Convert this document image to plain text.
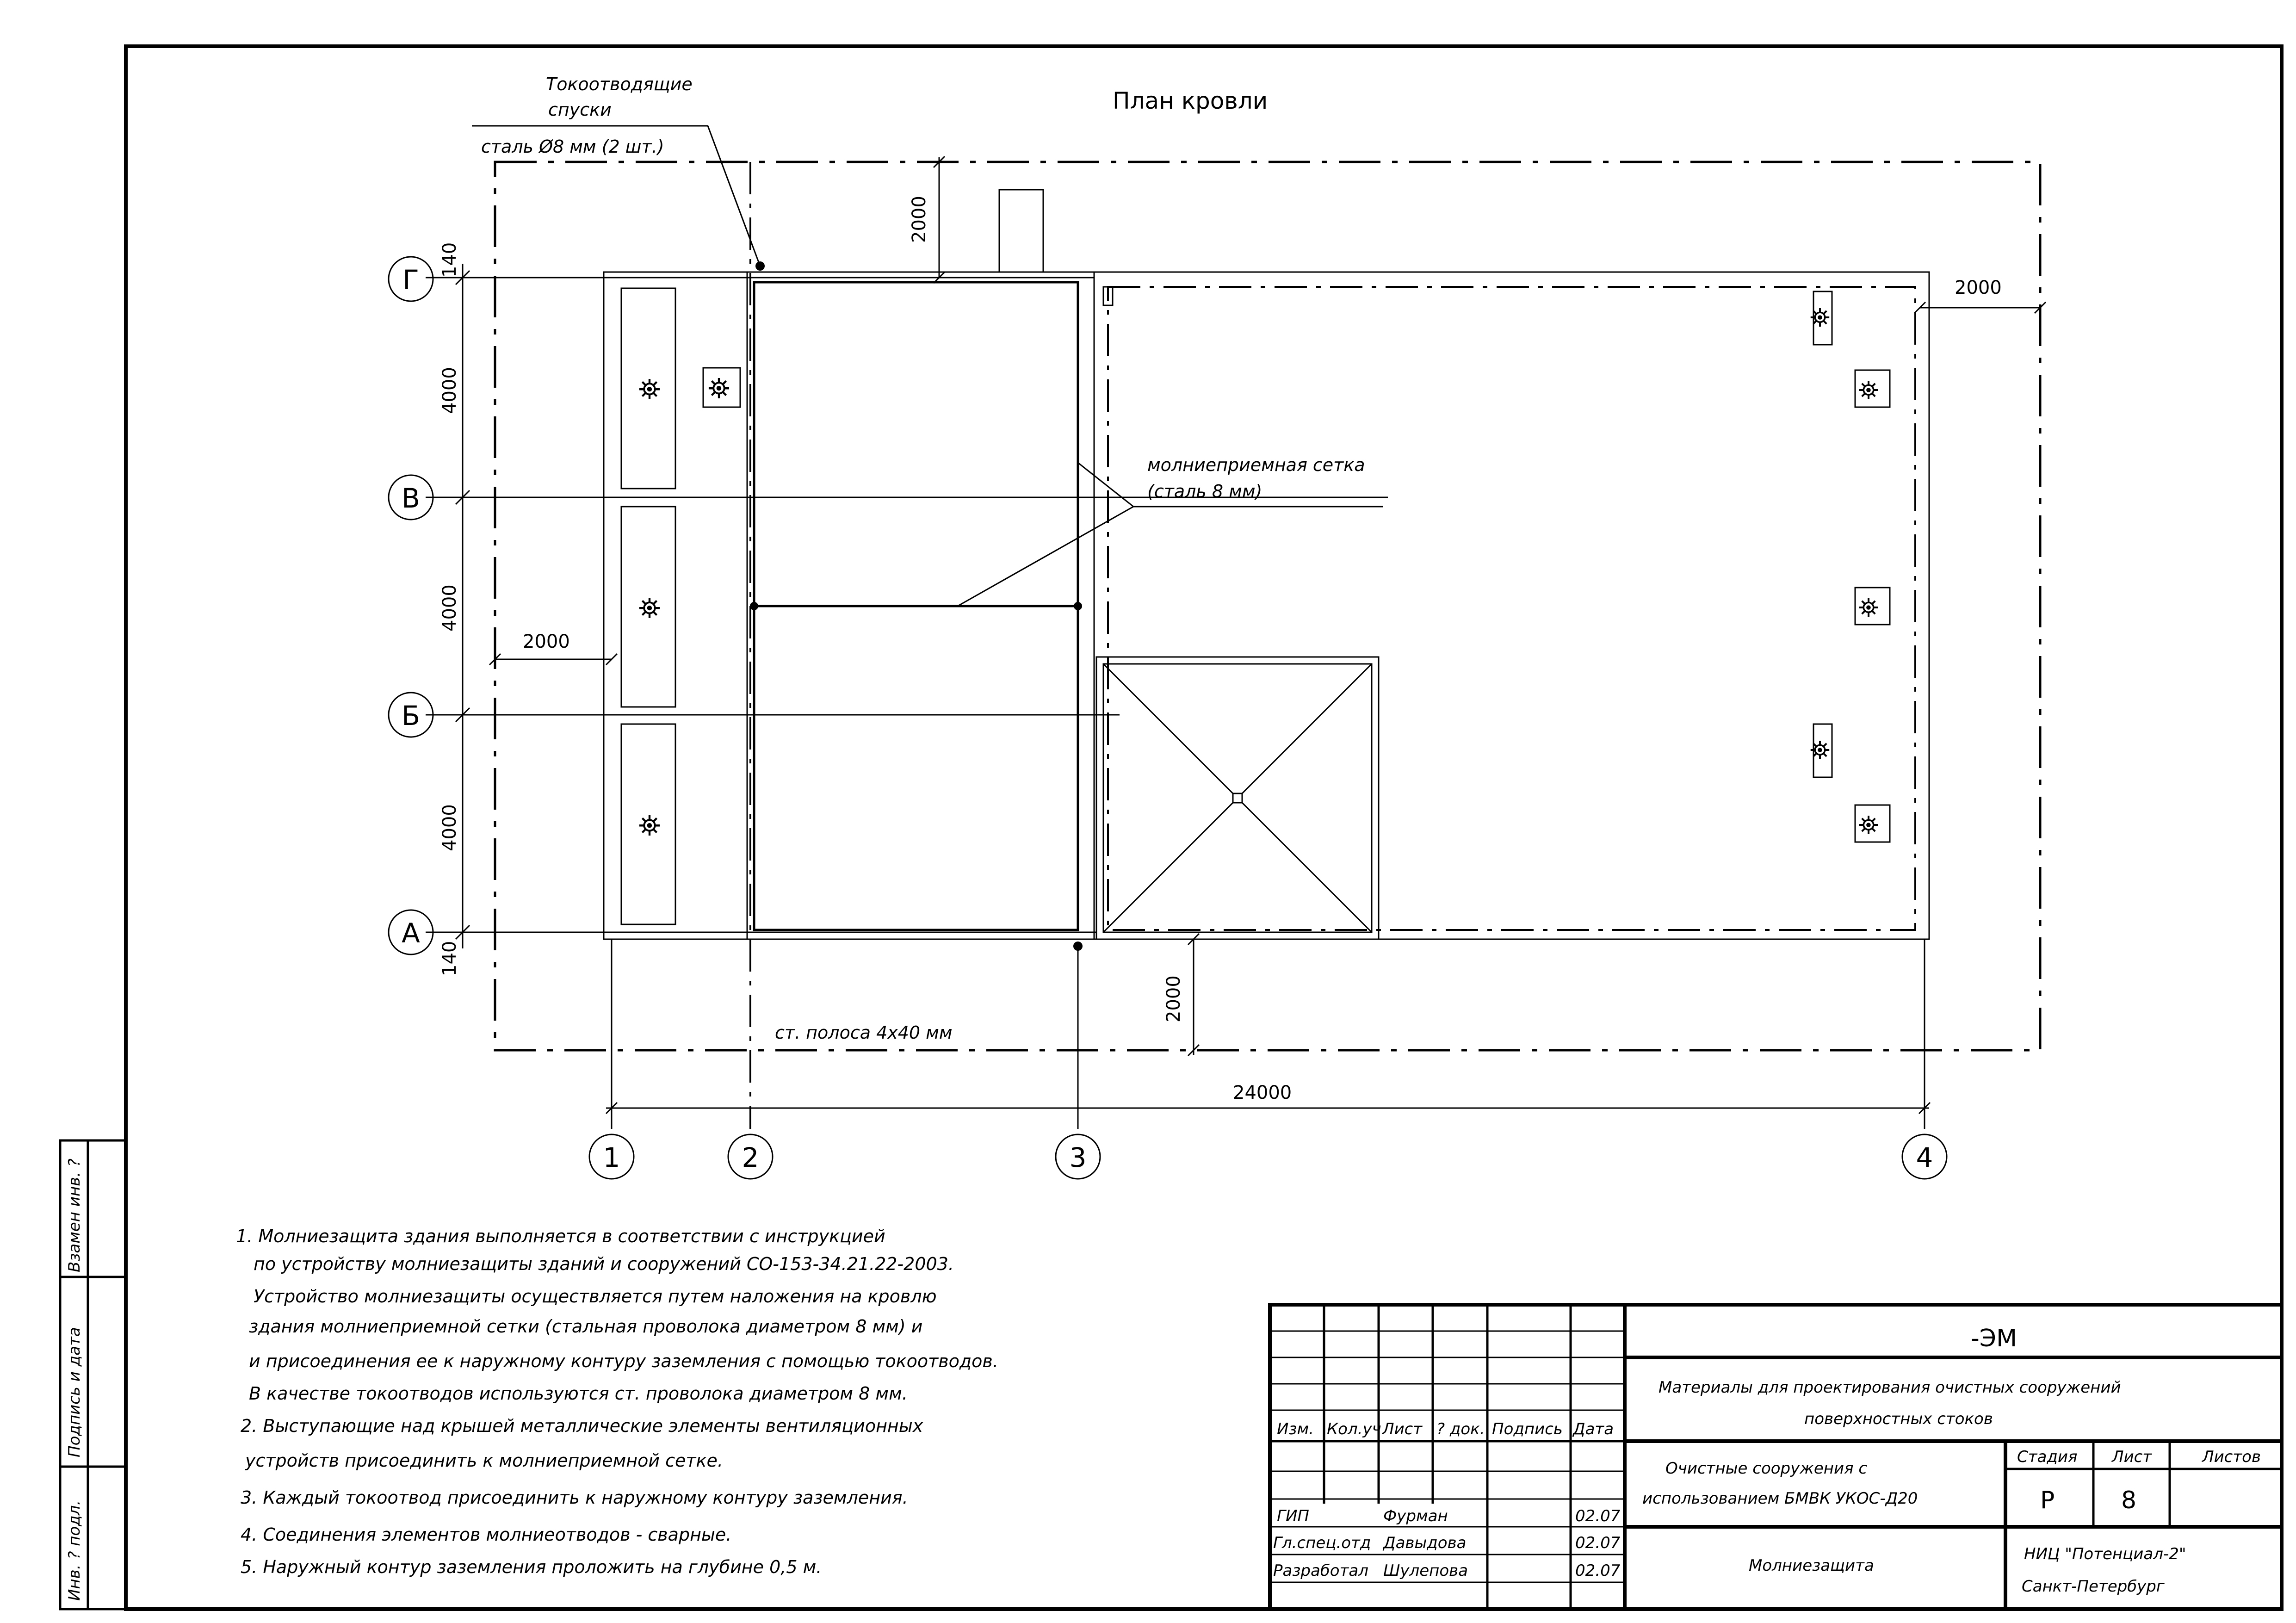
Взамен инв. ?
Подпись и дата
Инв. ? подл.
План кровли
⛯
⛯
⛯
⛯
⛯
⛯
⛯
⛯
⛯
Г
В
Б
А
1	2	3	4
140
4000
4000
4000
140
2000
2000
2000
2000
24000
Токоотводящие
спуски
сталь Ø8 мм (2 шт.)
молниеприемная сетка
(сталь 8 мм)
ст. полоса 4х40 мм
1. Молниезащита здания выполняется в соответствии с инструкцией
по устройству молниезащиты зданий и сооружений СО-153-34.21.22-2003.
Устройство молниезащиты осуществляется путем наложения на кровлю
здания молниеприемной сетки (стальная проволока диаметром 8 мм) и
и присоединения ее к наружному контуру заземления с помощью токоотводов.
В качестве токоотводов используются ст. проволока диаметром 8 мм.
2. Выступающие над крышей металлические элементы вентиляционных
устройств присоединить к молниеприемной сетке.
3. Каждый токоотвод присоединить к наружному контуру заземления.
4. Соединения элементов молниеотводов - сварные.
5. Наружный контур заземления проложить на глубине 0,5 м.
Изм. Кол.уч Лист ? док. Подпись Дата
ГИП	Фурман	02.07
Гл.спец.отд Давыдова	02.07
Разработал Шулепова	02.07
-ЭМ
Материалы для проектирования очистных сооружений
поверхностных стоков
Очистные сооружения с
использованием БМВК УКОС-Д20
Молниезащита
Стадия Лист	Листов
Р	8
НИЦ "Потенциал-2"
Санкт-Петербург
